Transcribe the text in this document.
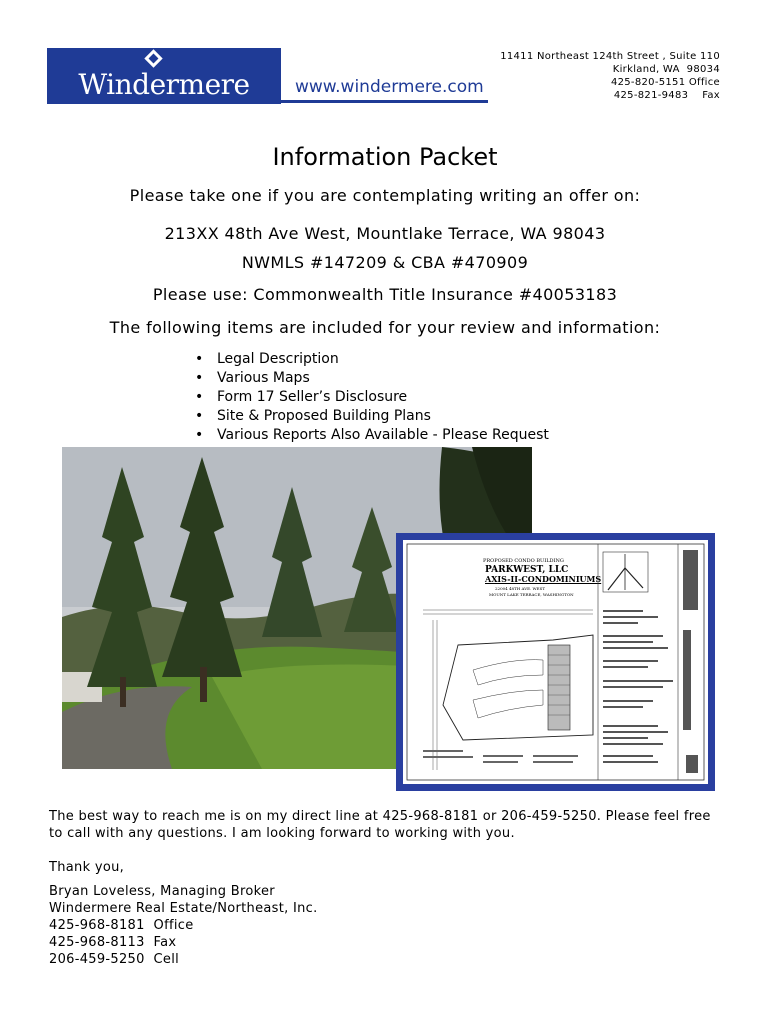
Windermere	www.windermere.com
11411 Northeast 124th Street , Suite 110
Kirkland, WA  98034
425-820-5151 Office
425-821-9483    Fax
Information Packet
Please take one if you are contemplating writing an offer on:
213XX 48th Ave West, Mountlake Terrace, WA 98043
NWMLS #147209 & CBA #470909
Please use: Commonwealth Title Insurance #40053183
The following items are included for your review and information:
• Legal Description
• Various Maps
• Form 17 Seller’s Disclosure
• Site & Proposed Building Plans
• Various Reports Also Available - Please Request
PROPOSED CONDO BUILDING
PARKWEST, LLC
AXIS-II-CONDOMINIUMS
22004 48TH AVE. WEST
MOUNT LAKE TERRACE, WASHINGTON
The best way to reach me is on my direct line at 425-968-8181 or 206-459-5250. Please feel free to call with any questions. I am looking forward to working with you.
Thank you,
Bryan Loveless, Managing Broker
Windermere Real Estate/Northeast, Inc.
425-968-8181  Office
425-968-8113  Fax
206-459-5250  Cell
